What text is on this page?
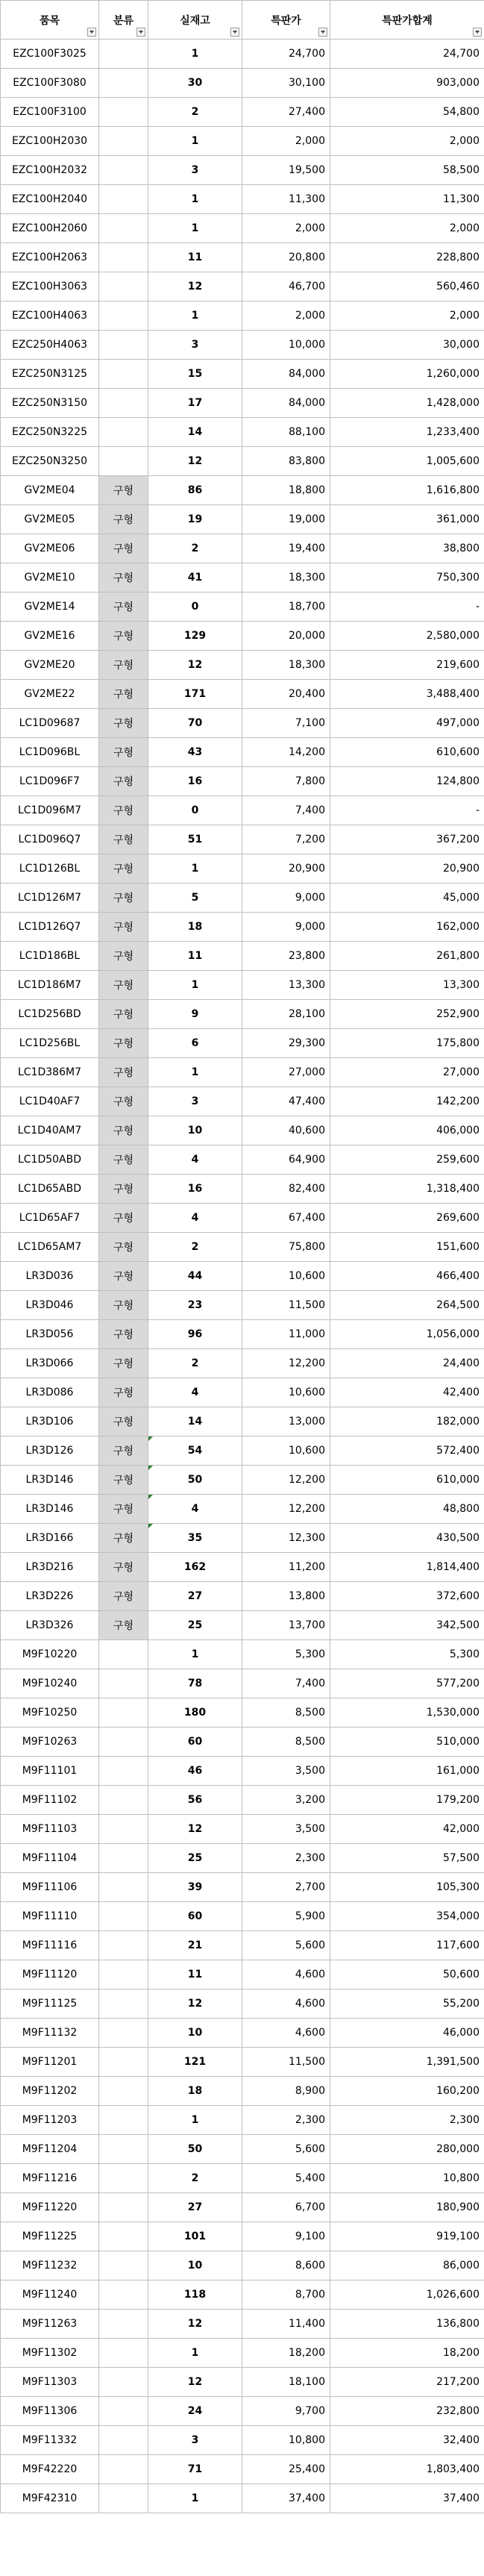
품목	분류	실재고	특판가	특판가합계

EZC100F3025		1	24,700	24,700
EZC100F3080		30	30,100	903,000
EZC100F3100		2	27,400	54,800
EZC100H2030		1	2,000	2,000
EZC100H2032		3	19,500	58,500
EZC100H2040		1	11,300	11,300
EZC100H2060		1	2,000	2,000
EZC100H2063		11	20,800	228,800
EZC100H3063		12	46,700	560,460
EZC100H4063		1	2,000	2,000
EZC250H4063		3	10,000	30,000
EZC250N3125		15	84,000	1,260,000
EZC250N3150		17	84,000	1,428,000
EZC250N3225		14	88,100	1,233,400
EZC250N3250		12	83,800	1,005,600
GV2ME04	구형	86	18,800	1,616,800
GV2ME05	구형	19	19,000	361,000
GV2ME06	구형	2	19,400	38,800
GV2ME10	구형	41	18,300	750,300
GV2ME14	구형	0	18,700	-
GV2ME16	구형	129	20,000	2,580,000
GV2ME20	구형	12	18,300	219,600
GV2ME22	구형	171	20,400	3,488,400
LC1D09687	구형	70	7,100	497,000
LC1D096BL	구형	43	14,200	610,600
LC1D096F7	구형	16	7,800	124,800
LC1D096M7	구형	0	7,400	-
LC1D096Q7	구형	51	7,200	367,200
LC1D126BL	구형	1	20,900	20,900
LC1D126M7	구형	5	9,000	45,000
LC1D126Q7	구형	18	9,000	162,000
LC1D186BL	구형	11	23,800	261,800
LC1D186M7	구형	1	13,300	13,300
LC1D256BD	구형	9	28,100	252,900
LC1D256BL	구형	6	29,300	175,800
LC1D386M7	구형	1	27,000	27,000
LC1D40AF7	구형	3	47,400	142,200
LC1D40AM7	구형	10	40,600	406,000
LC1D50ABD	구형	4	64,900	259,600
LC1D65ABD	구형	16	82,400	1,318,400
LC1D65AF7	구형	4	67,400	269,600
LC1D65AM7	구형	2	75,800	151,600
LR3D036	구형	44	10,600	466,400
LR3D046	구형	23	11,500	264,500
LR3D056	구형	96	11,000	1,056,000
LR3D066	구형	2	12,200	24,400
LR3D086	구형	4	10,600	42,400
LR3D106	구형	14	13,000	182,000
LR3D126	구형	54	10,600	572,400
LR3D146	구형	50	12,200	610,000
LR3D146	구형	4	12,200	48,800
LR3D166	구형	35	12,300	430,500
LR3D216	구형	162	11,200	1,814,400
LR3D226	구형	27	13,800	372,600
LR3D326	구형	25	13,700	342,500
M9F10220		1	5,300	5,300
M9F10240		78	7,400	577,200
M9F10250		180	8,500	1,530,000
M9F10263		60	8,500	510,000
M9F11101		46	3,500	161,000
M9F11102		56	3,200	179,200
M9F11103		12	3,500	42,000
M9F11104		25	2,300	57,500
M9F11106		39	2,700	105,300
M9F11110		60	5,900	354,000
M9F11116		21	5,600	117,600
M9F11120		11	4,600	50,600
M9F11125		12	4,600	55,200
M9F11132		10	4,600	46,000
M9F11201		121	11,500	1,391,500
M9F11202		18	8,900	160,200
M9F11203		1	2,300	2,300
M9F11204		50	5,600	280,000
M9F11216		2	5,400	10,800
M9F11220		27	6,700	180,900
M9F11225		101	9,100	919,100
M9F11232		10	8,600	86,000
M9F11240		118	8,700	1,026,600
M9F11263		12	11,400	136,800
M9F11302		1	18,200	18,200
M9F11303		12	18,100	217,200
M9F11306		24	9,700	232,800
M9F11332		3	10,800	32,400
M9F42220		71	25,400	1,803,400
M9F42310		1	37,400	37,400
